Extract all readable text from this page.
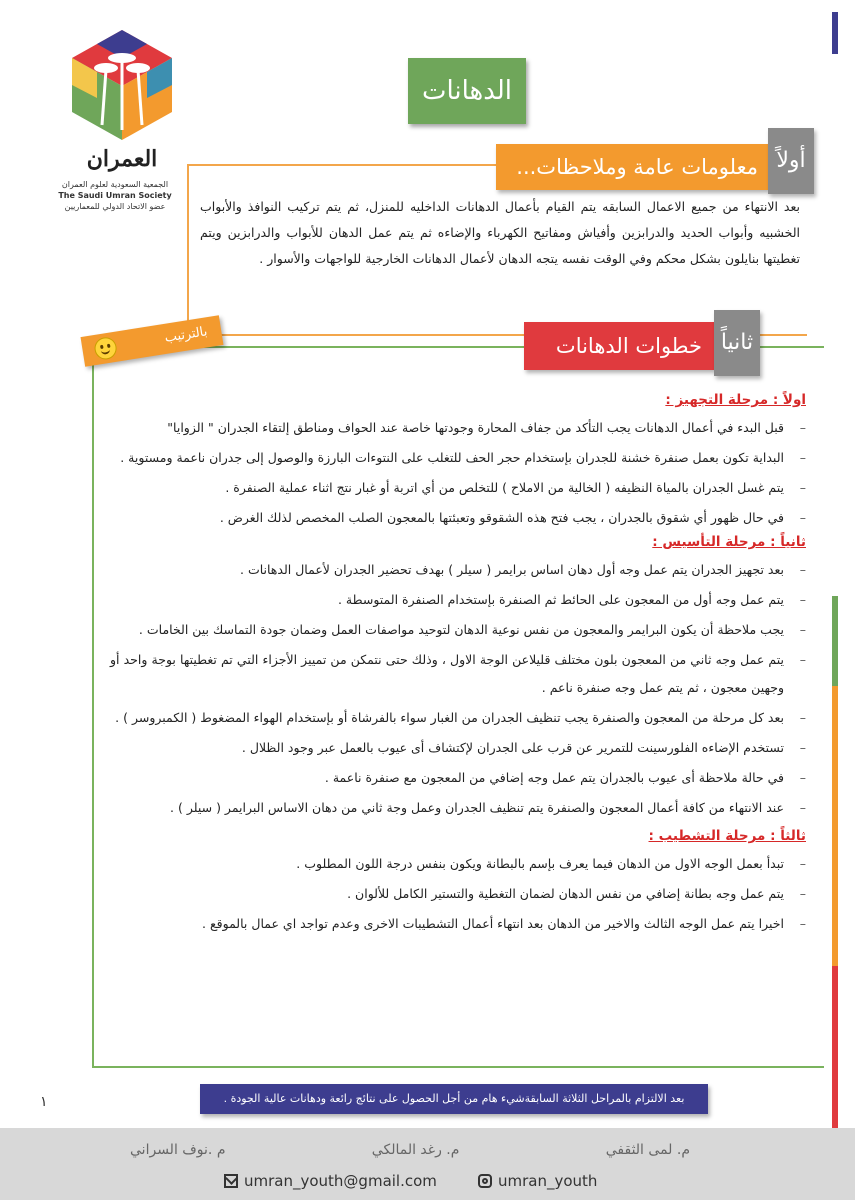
العمران
الجمعية السعودية لعلوم العمران
The Saudi Umran Society
عضو الاتحاد الدولي للمعماريين
الدهانات
معلومات عامة وملاحظات... أولاً
بعد الانتهاء من جميع الاعمال السابقه يتم القيام بأعمال الدهانات الداخليه للمنزل، ثم يتم تركيب النوافذ والأبواب الخشبيه وأبواب الحديد والدرابزين وأفياش ومفاتيح الكهرباء والإضاءه ثم يتم عمل الدهان للأبواب والدرابزين ويتم تغطيتها بنايلون بشكل محكم وفي الوقت نفسه يتجه الدهان لأعمال الدهانات الخارجية للواجهات والأسوار .
خطوات الدهانات ثانياً
بالترتيب
اولاً : مرحلة التجهيز :
– قبل البدء في أعمال الدهانات يجب التأكد من جفاف المحارة وجودتها خاصة عند الحواف ومناطق إلتقاء الجدران " الزوايا"
– البداية تكون بعمل صنفرة خشنة للجدران بإستخدام حجر الحف للتغلب على النتوءات البارزة والوصول إلى جدران ناعمة ومستوية .
– يتم غسل الجدران بالمياة النظيفه ( الخالية من الاملاح ) للتخلص من أي اتربة أو غبار نتج اثناء عملية الصنفرة .
– في حال ظهور أي شقوق بالجدران ، يجب فتح هذه الشقوقو وتعبئتها بالمعجون الصلب المخصص لذلك الغرض .
ثانياً : مرحلة التأسيس :
– بعد تجهيز الجدران يتم عمل وجه أول دهان اساس برايمر ( سيلر ) بهدف تحضير الجدران لأعمال الدهانات .
– يتم عمل وجه أول من المعجون على الحائط ثم الصنفرة بإستخدام الصنفرة المتوسطة .
– يجب ملاحظة أن يكون البرايمر والمعجون من نفس نوعية الدهان لتوحيد مواصفات العمل وضمان جودة التماسك بين الخامات .
– يتم عمل وجه ثاني من المعجون بلون مختلف قليلاعن الوجة الاول ، وذلك حتى نتمكن من تمييز الأجزاء التي تم تغطيتها بوجة واحد أو وجهين معجون ، ثم يتم عمل وجه صنفرة ناعم .
– بعد كل مرحلة من المعجون والصنفرة يجب تنظيف الجدران من الغبار سواء بالفرشاة أو بإستخدام الهواء المضغوط ( الكمبروسر ) .
– تستخدم الإضاءه الفلورسينت للتمرير عن قرب على الجدران لإكتشاف أى عيوب بالعمل عبر وجود الظلال .
– في حالة ملاحظة أى عيوب بالجدران يتم عمل وجه إضافي من المعجون مع صنفرة ناعمة .
– عند الانتهاء من كافة أعمال المعجون والصنفرة يتم تنظيف الجدران وعمل وجة ثاني من دهان الاساس البرايمر ( سيلر ) .
ثالثاً : مرحلة التشطيب :
– تبدأ بعمل الوجه الاول من الدهان فيما يعرف بإسم بالبطانة ويكون بنفس درجة اللون المطلوب .
– يتم عمل وجه بطانة إضافي من نفس الدهان لضمان التغطية والتستير الكامل للألوان .
– اخيرا يتم عمل الوجه الثالث والاخير من الدهان بعد انتهاء أعمال التشطيبات الاخرى وعدم تواجد اي عمال بالموقع .
بعد الالتزام بالمراحل الثلاثة السابقةشيء هام من أجل الحصول على نتائج رائعة ودهانات عالية الجودة .
١
م. لمى الثقفي
م. رغد المالكي
م .نوف السراني
umran_youth@gmail.com	umran_youth
